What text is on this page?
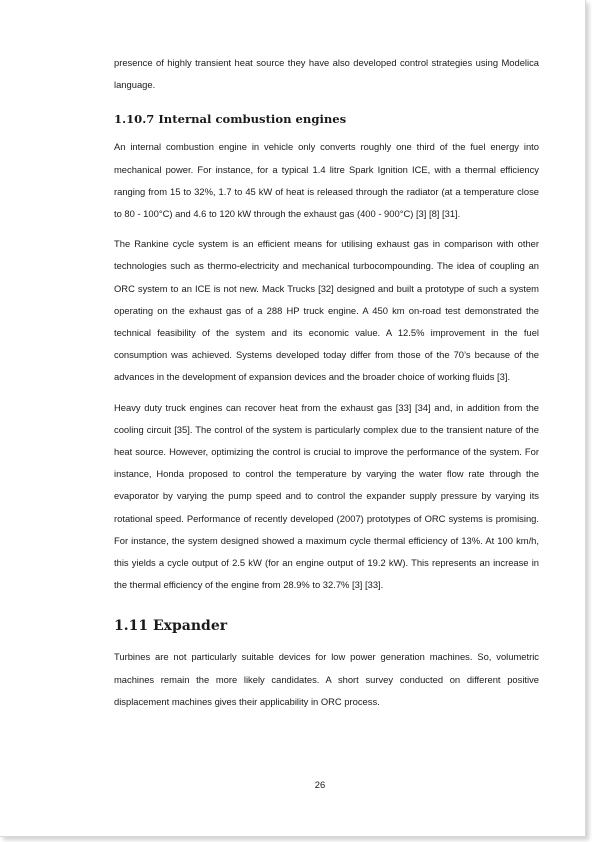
presence of highly transient heat source they have also developed control strategies using Modelica language.

1.10.7 Internal combustion engines

An internal combustion engine in vehicle only converts roughly one third of the fuel energy into mechanical power. For instance, for a typical 1.4 litre Spark Ignition ICE, with a thermal efficiency ranging from 15 to 32%, 1.7 to 45 kW of heat is released through the radiator (at a temperature close to 80 - 100°C) and 4.6 to 120 kW through the exhaust gas (400 - 900°C) [3] [8] [31].

The Rankine cycle system is an efficient means for utilising exhaust gas in comparison with other technologies such as thermo-electricity and mechanical turbocompounding. The idea of coupling an ORC system to an ICE is not new. Mack Trucks [32] designed and built a prototype of such a system operating on the exhaust gas of a 288 HP truck engine. A 450 km on-road test demonstrated the technical feasibility of the system and its economic value. A 12.5% improvement in the fuel consumption was achieved. Systems developed today differ from those of the 70’s because of the advances in the development of expansion devices and the broader choice of working fluids [3].

Heavy duty truck engines can recover heat from the exhaust gas [33] [34] and, in addition from the cooling circuit [35]. The control of the system is particularly complex due to the transient nature of the heat source. However, optimizing the control is crucial to improve the performance of the system. For instance, Honda proposed to control the temperature by varying the water flow rate through the evaporator by varying the pump speed and to control the expander supply pressure by varying its rotational speed. Performance of recently developed (2007) prototypes of ORC systems is promising. For instance, the system designed showed a maximum cycle thermal efficiency of 13%. At 100 km/h, this yields a cycle output of 2.5 kW (for an engine output of 19.2 kW). This represents an increase in the thermal efficiency of the engine from 28.9% to 32.7% [3] [33].

1.11 Expander

Turbines are not particularly suitable devices for low power generation machines. So, volumetric machines remain the more likely candidates. A short survey conducted on different positive displacement machines gives their applicability in ORC process.

26
